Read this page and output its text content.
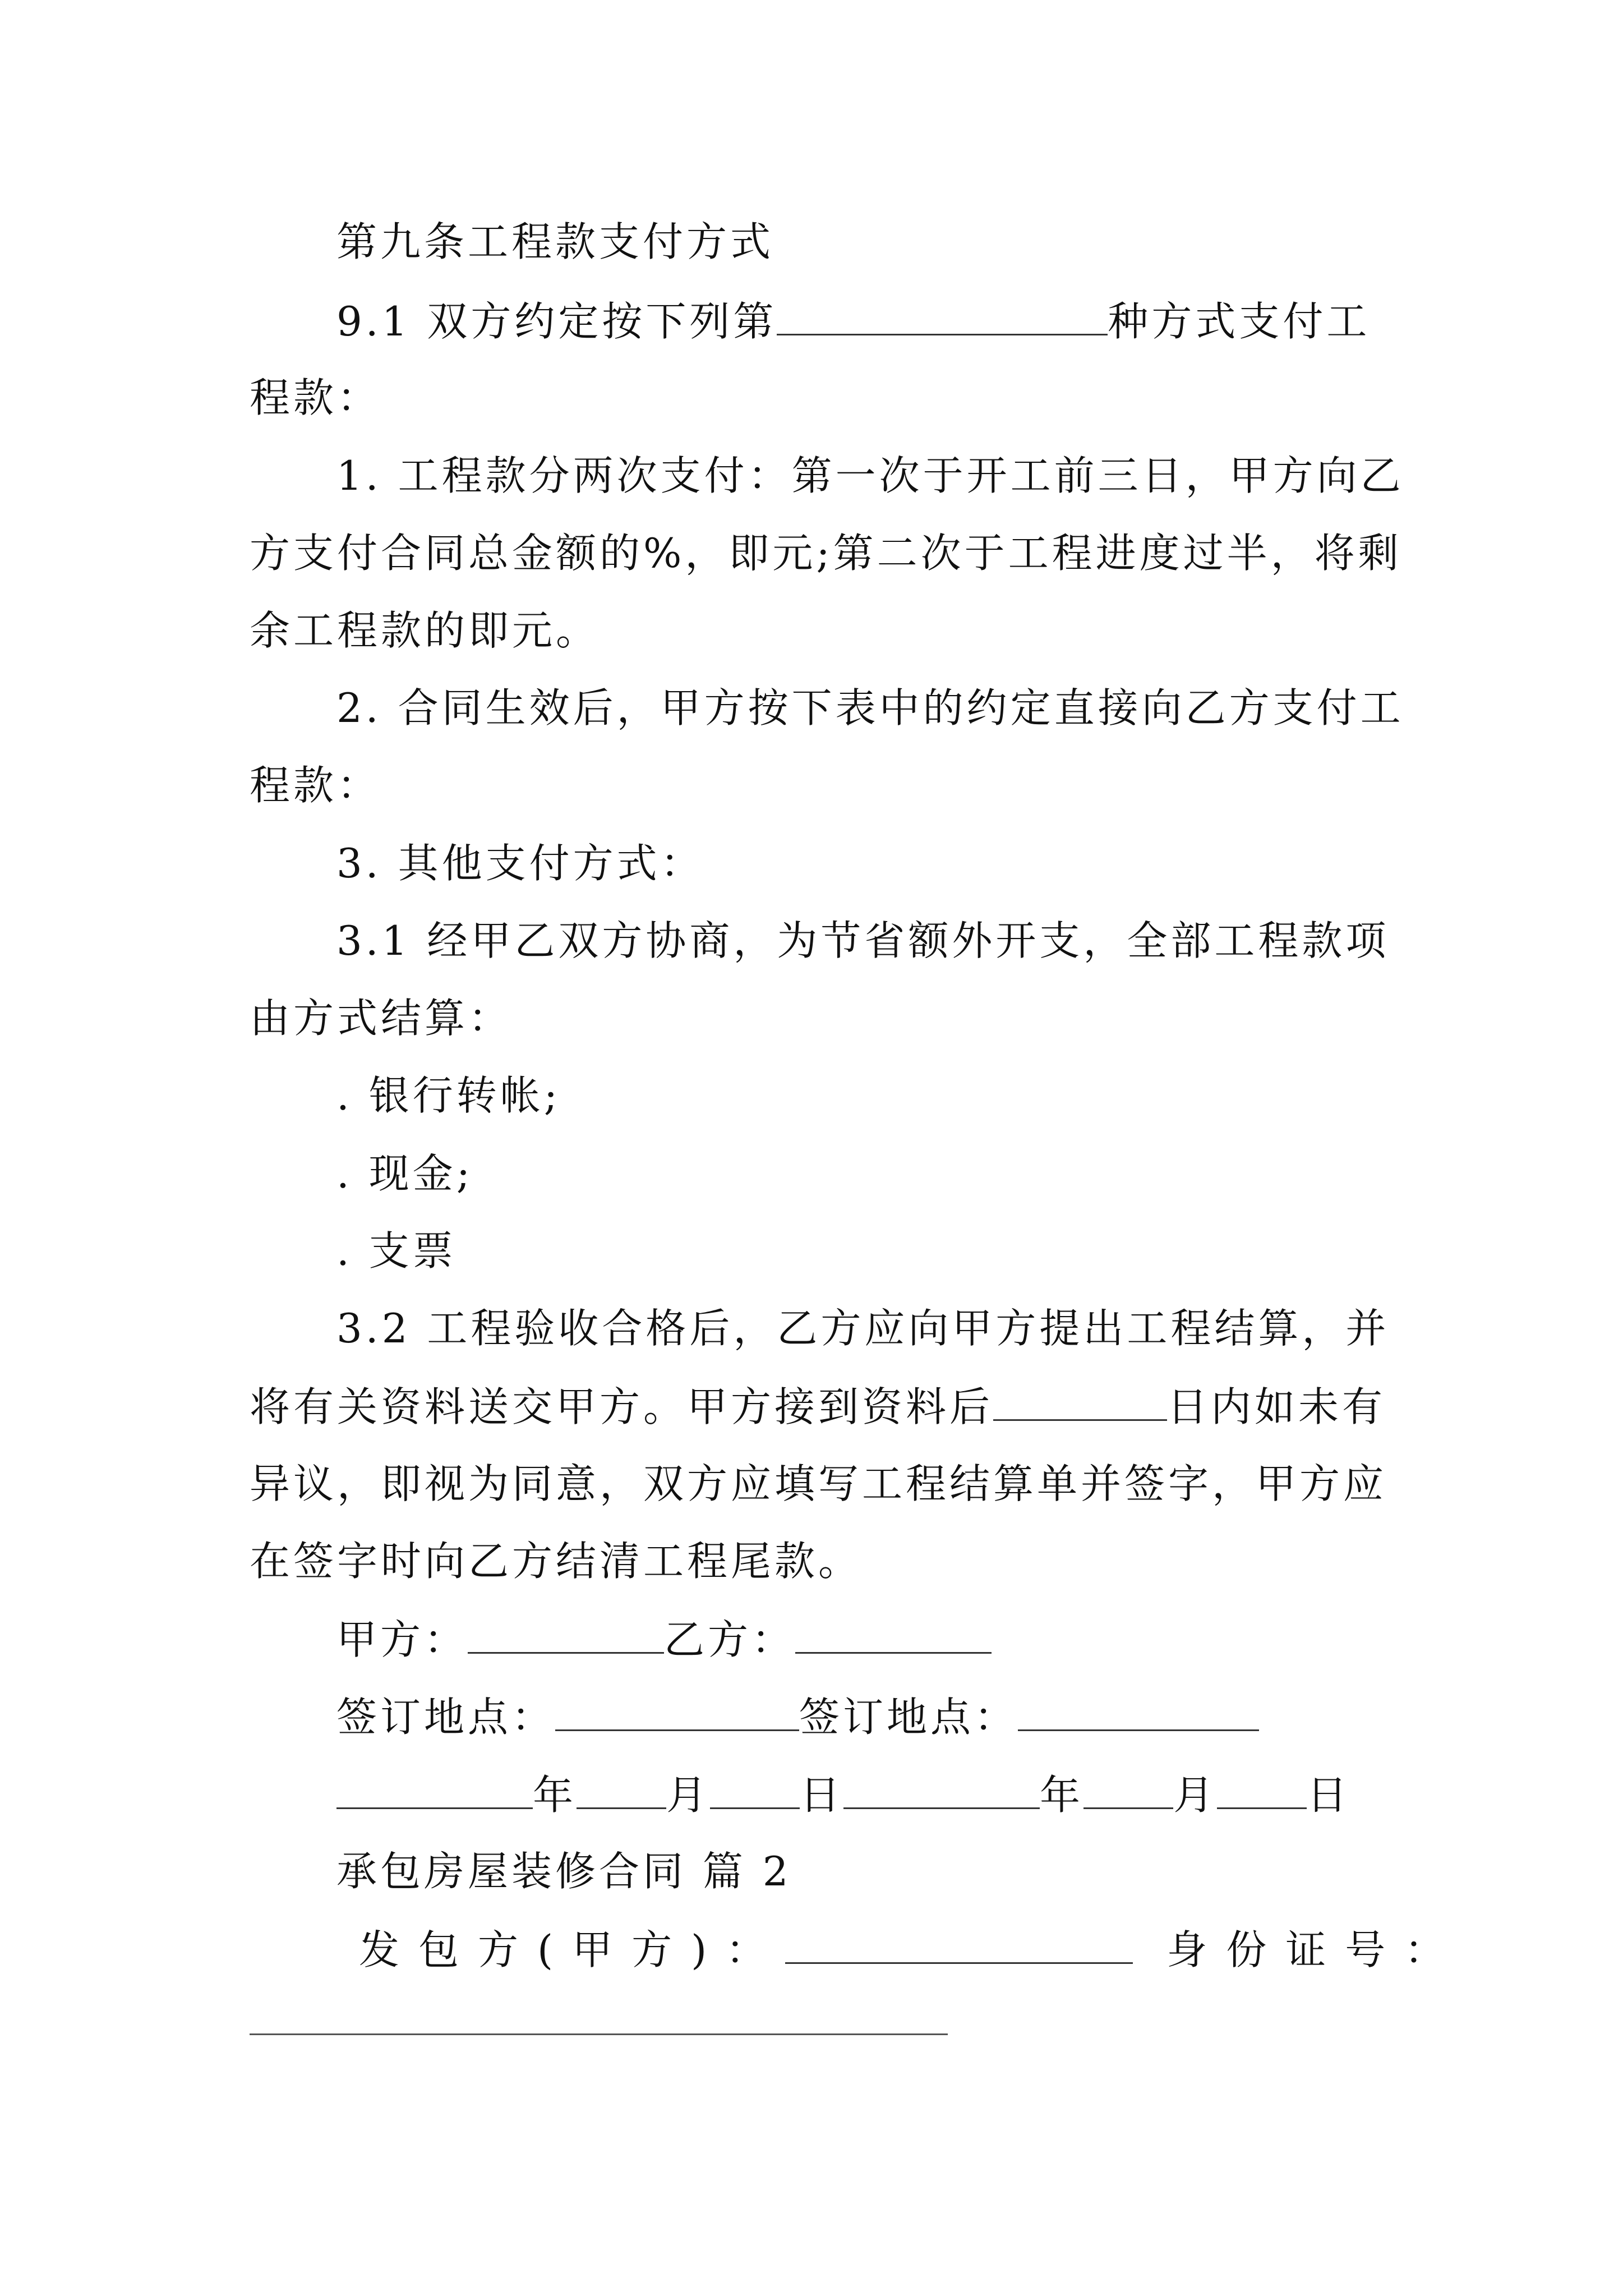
第九条工程款支付方式
9.1 双方约定按下列第	种方式支付工
程款：
1. 工程款分两次支付：第一次于开工前三日，甲方向乙
方支付合同总金额的%，即元;第二次于工程进度过半，将剩
余工程款的即元。
2. 合同生效后，甲方按下表中的约定直接向乙方支付工
程款：
3. 其他支付方式：
3.1 经甲乙双方协商，为节省额外开支，全部工程款项
由方式结算：
. 银行转帐;
. 现金;
. 支票
3.2 工程验收合格后，乙方应向甲方提出工程结算，并
将有关资料送交甲方。甲方接到资料后	日内如未有
异议，即视为同意，双方应填写工程结算单并签字，甲方应
在签字时向乙方结清工程尾款。
甲方：	乙方：
签订地点：	签订地点：
年 月 日	年 月 日
承包房屋装修合同 篇 2
发包方(甲方)：	身份证号：
